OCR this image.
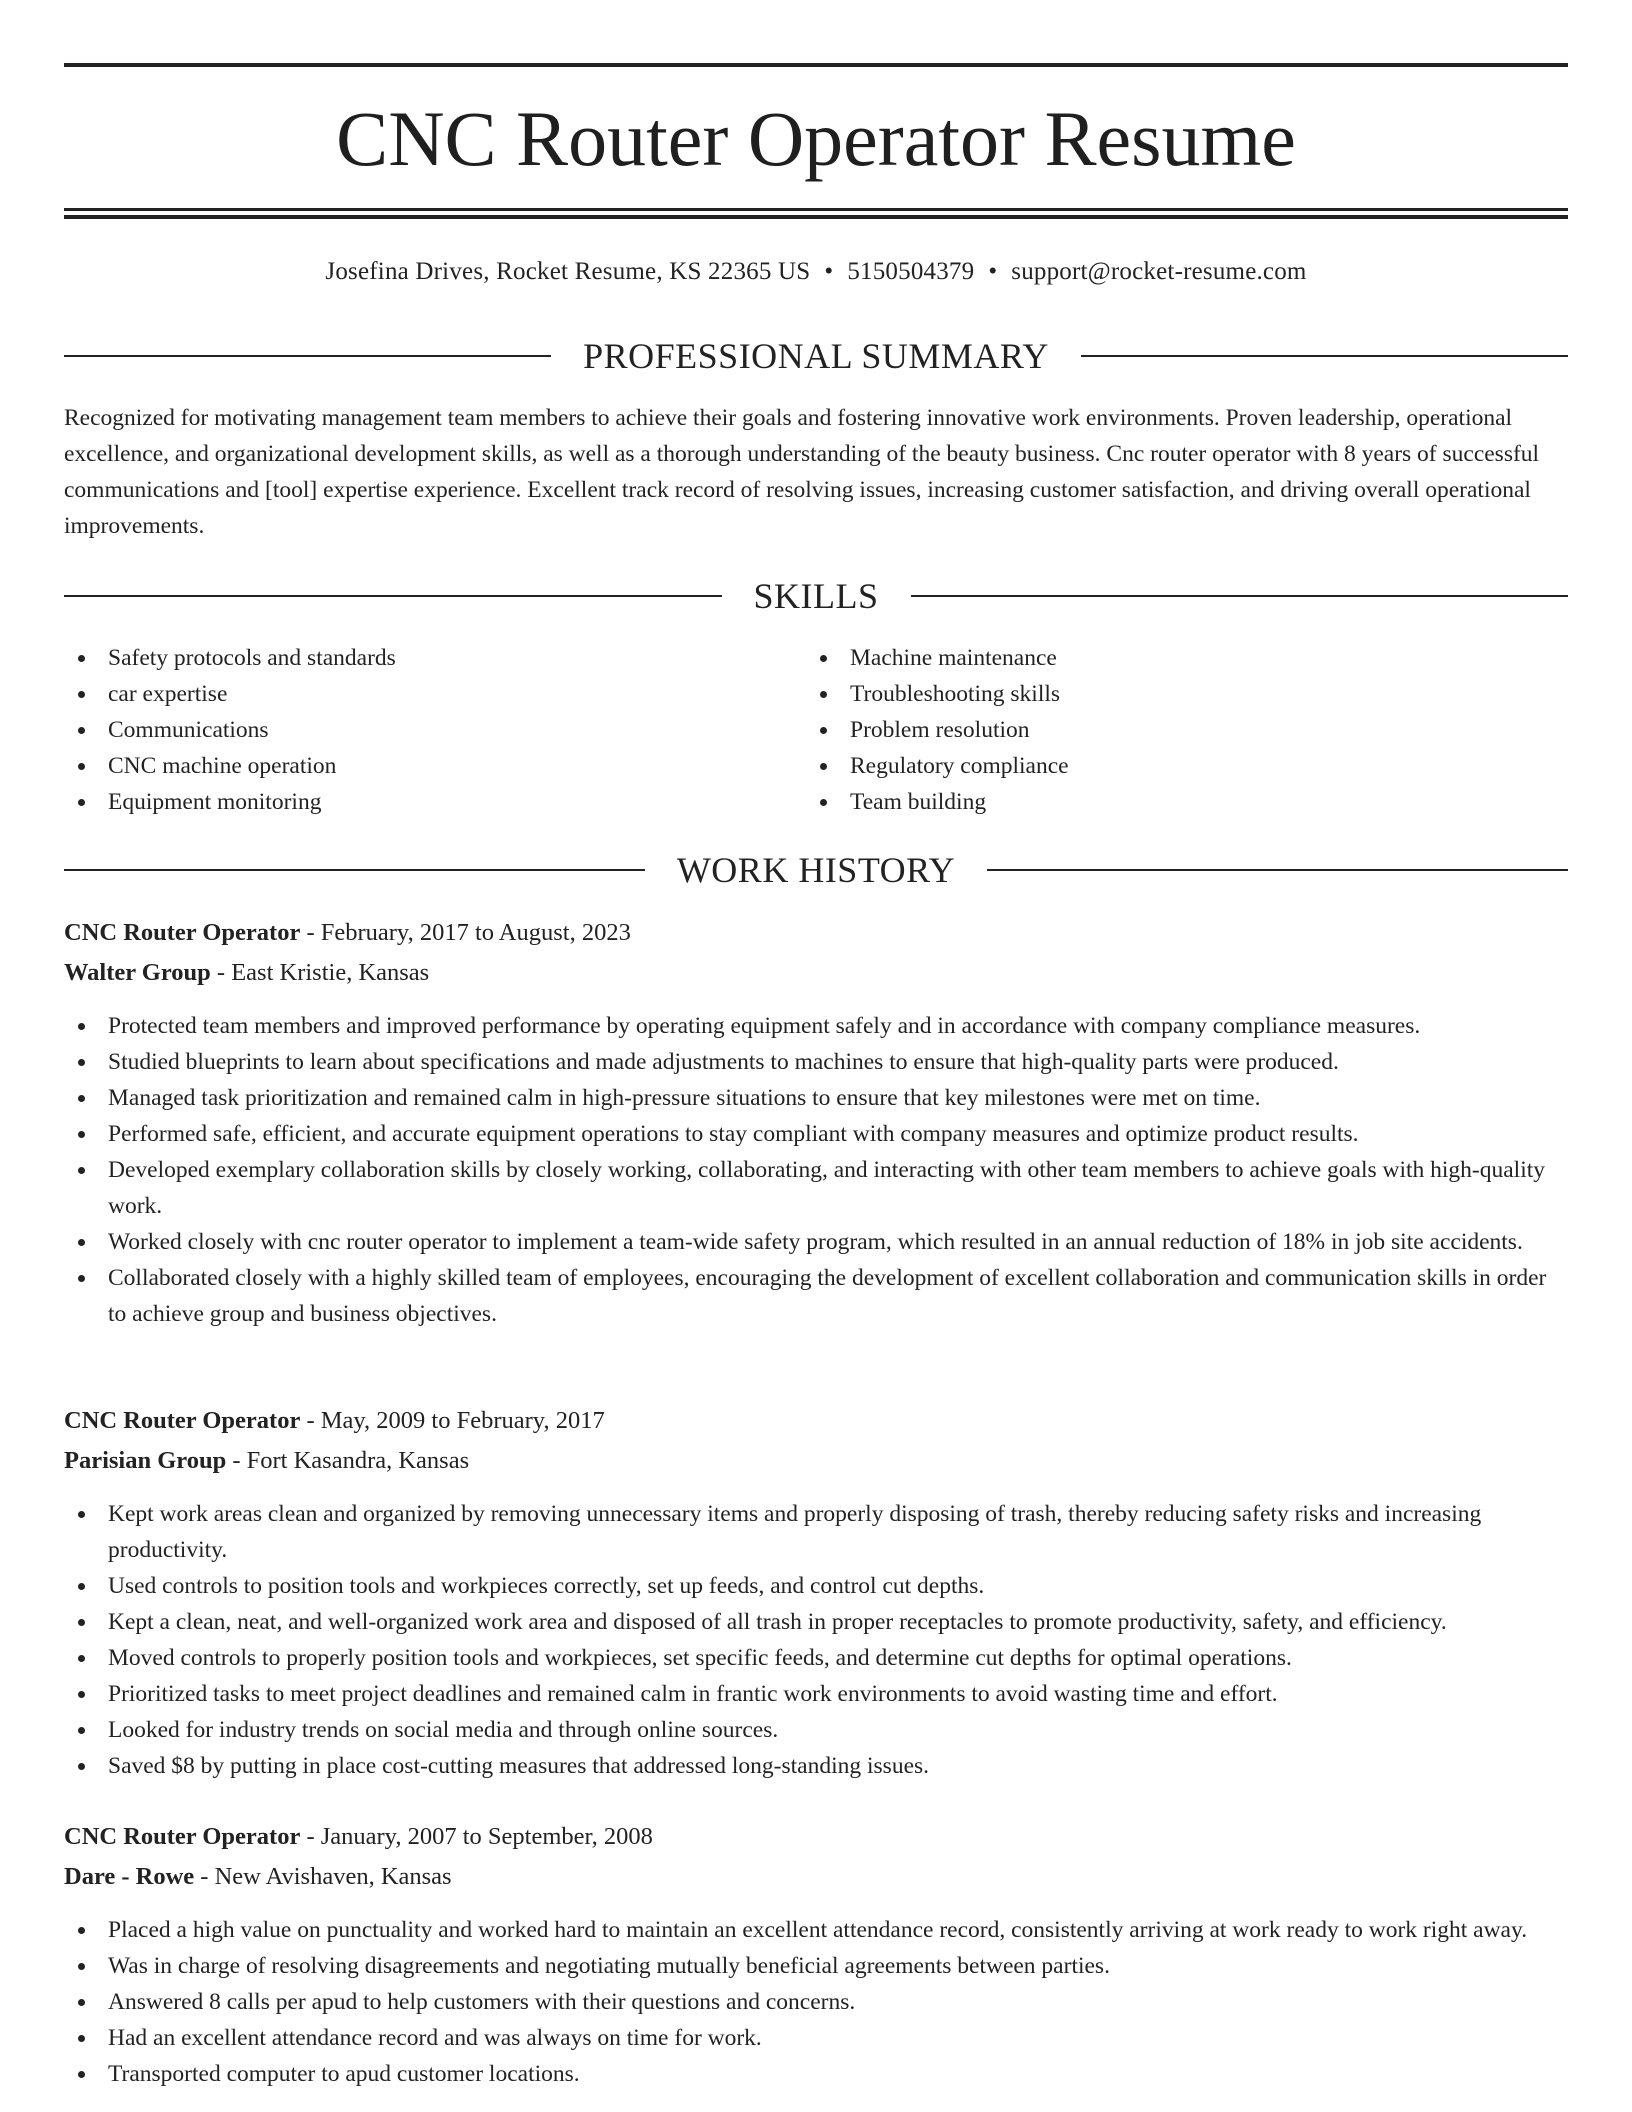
CNC Router Operator Resume
Josefina Drives, Rocket Resume, KS 22365 US • 5150504379 • support@rocket-resume.com
PROFESSIONAL SUMMARY

Recognized for motivating management team members to achieve their goals and fostering innovative work environments. Proven leadership, operational excellence, and organizational development skills, as well as a thorough understanding of the beauty business. Cnc router operator with 8 years of successful communications and [tool] expertise experience. Excellent track record of resolving issues, increasing customer satisfaction, and driving overall operational improvements.

SKILLS
Safety protocols and standards
car expertise
Communications
CNC machine operation
Equipment monitoring
Machine maintenance
Troubleshooting skills
Problem resolution
Regulatory compliance
Team building
WORK HISTORY
CNC Router Operator - February, 2017 to August, 2023
Walter Group - East Kristie, Kansas
Protected team members and improved performance by operating equipment safely and in accordance with company compliance measures.
Studied blueprints to learn about specifications and made adjustments to machines to ensure that high-quality parts were produced.
Managed task prioritization and remained calm in high-pressure situations to ensure that key milestones were met on time.
Performed safe, efficient, and accurate equipment operations to stay compliant with company measures and optimize product results.
Developed exemplary collaboration skills by closely working, collaborating, and interacting with other team members to achieve goals with high-quality work.
Worked closely with cnc router operator to implement a team-wide safety program, which resulted in an annual reduction of 18% in job site accidents.
Collaborated closely with a highly skilled team of employees, encouraging the development of excellent collaboration and communication skills in order to achieve group and business objectives.
CNC Router Operator - May, 2009 to February, 2017
Parisian Group - Fort Kasandra, Kansas
Kept work areas clean and organized by removing unnecessary items and properly disposing of trash, thereby reducing safety risks and increasing productivity.
Used controls to position tools and workpieces correctly, set up feeds, and control cut depths.
Kept a clean, neat, and well-organized work area and disposed of all trash in proper receptacles to promote productivity, safety, and efficiency.
Moved controls to properly position tools and workpieces, set specific feeds, and determine cut depths for optimal operations.
Prioritized tasks to meet project deadlines and remained calm in frantic work environments to avoid wasting time and effort.
Looked for industry trends on social media and through online sources.
Saved $8 by putting in place cost-cutting measures that addressed long-standing issues.
CNC Router Operator - January, 2007 to September, 2008
Dare - Rowe - New Avishaven, Kansas
Placed a high value on punctuality and worked hard to maintain an excellent attendance record, consistently arriving at work ready to work right away.
Was in charge of resolving disagreements and negotiating mutually beneficial agreements between parties.
Answered 8 calls per apud to help customers with their questions and concerns.
Had an excellent attendance record and was always on time for work.
Transported computer to apud customer locations.
